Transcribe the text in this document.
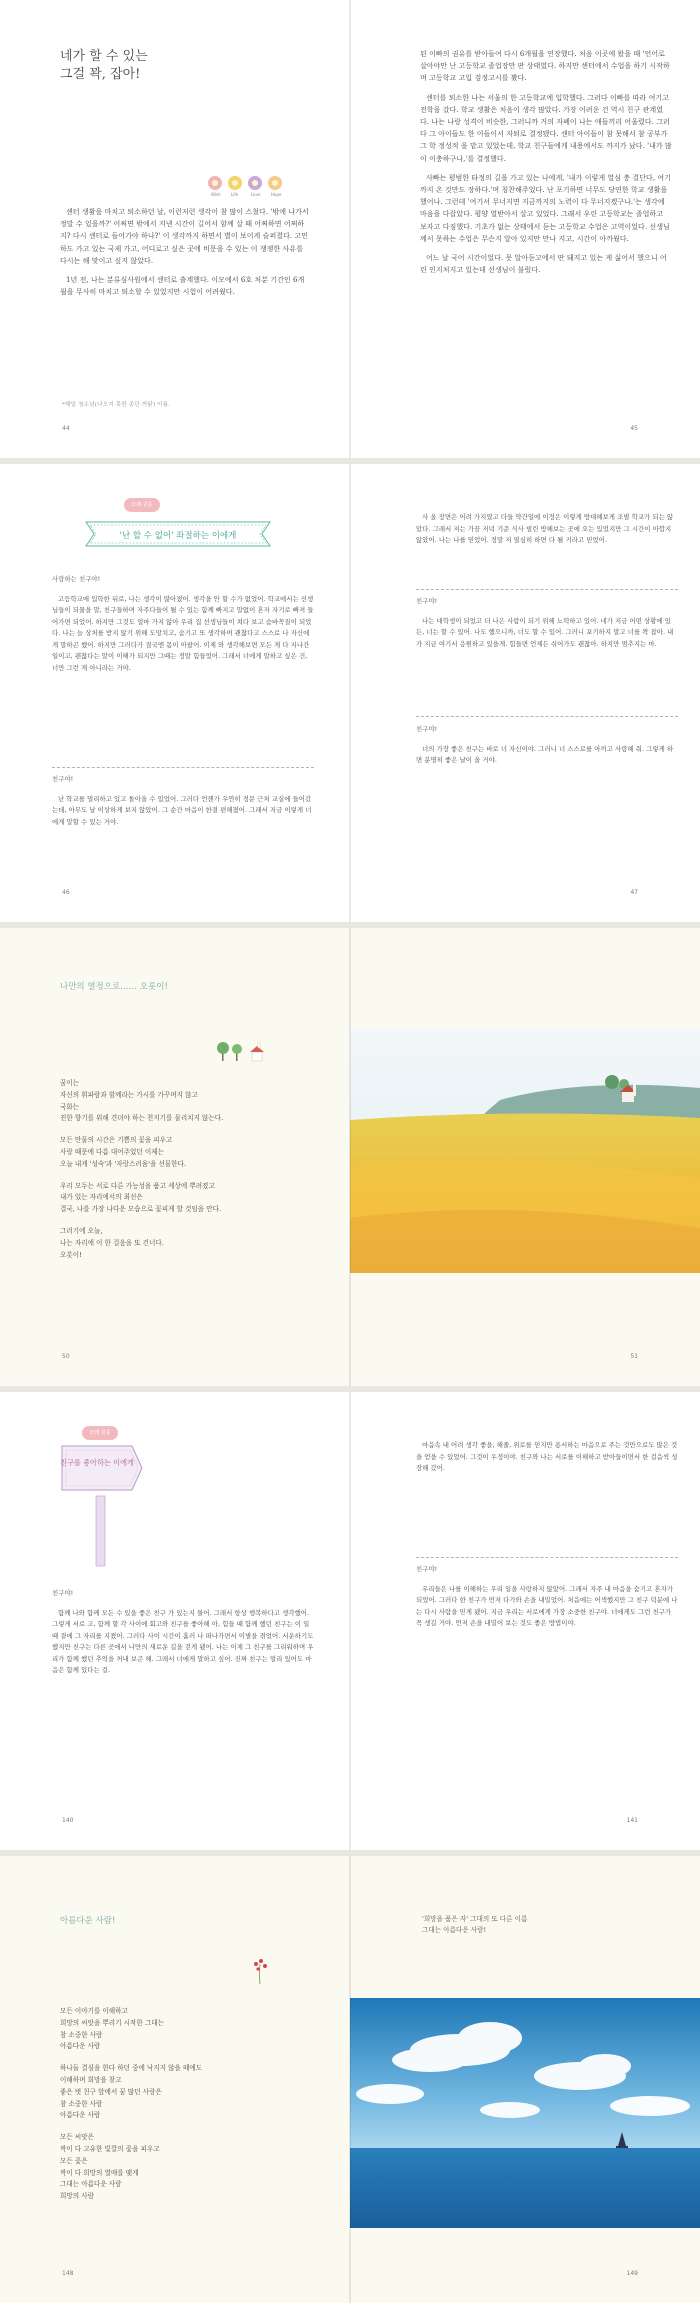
네가 할 수 있는
그걸 꽉, 잡아!
Wish	Life	Love	Hope

센터 생활을 마치고 퇴소하던 날, 이런저런 생각이 참 많이 스쳤다. '밖에 나가서 정말 수 있을까?' 어쩌면 밖에서 지낸 시간이 길어서 함께 살 때 어쩌하면 어쩌하지? 다시 센터로 들어가야 하나?' 이 생각까지 하면서 별이 보이게 슬퍼졌다. 고민하도 가고 있는 국제 가고, 어디로고 싶은 곳에 비문을 수 있는 이 쟁쟁한 사유를 다시는 해 맞이고 싶지 않았다.

1년 전, 나는 분류심사원에서 센터로 출계했다. 이모에서 6호 처분 기간인 6개월을 무사히 마치고 퇴소할 수 있었지만 시험이 어려웠다.

*해밀 청소년(나오지 못한 종단 까닭) 이름.
44

된 이빠의 권유를 받아들여 다시 6개월을 연장했다. 처음 이곳에 왔을 때 '언어로 살아야만 난 고등학교 졸업장만 딴 상태였다. 하지만 센터에서 수업을 하기 시작하며 고등학교 고입 검정고시를 봤다.

센터를 퇴소한 나는 서울의 한 고등학교에 입학했다. 그러다 이빠를 따라 여기고 전학을 갔다. 학교 생활은 처음이 생각 많았다. 가장 어려운 건 역시 친구 관계였다. 나는 나랑 성격이 비슷한, 그러니까 거의 자폐이 나는 애들끼리 어울렸다. 그러다 그 아이들도 한 이들이서 자퇴로 결정됐다. 센터 아이들이 참 못해서 참 공부가 그 학 정성적 을 맡고 있었는데, 학교 친구들에게 내용에서도 까지가 났다. '내가 많이 이충하구나,'를 결정했다.

사빠는 평범한 타정의 길을 가고 있는 나에게, '내가 이렇게 열심 충 결단다, 여기까지 온 것만도 장하다.'며 칭찬해주었다. 난 포기하면 너무도 당연한 학교 생활을 했어나. 그런데 '여기서 무너지면 지금까지의 노력이 다 무너지겠구나.'는 생각에 마음을 다잡았다. 평양 열받아서 살고 있었다. 그래서 우린 고등학교는 졸업하고 보자고 다짐했다. 기초가 없는 상태에서 듣는 고등학교 수업은 고역이었다. 선생님께서 못하는 수업은 무슨지 알아 있지만 만나 지고, 시간이 아까웠다.

어느 날 국어 시간이었다. 못 알아듣고에서 딴 돼지고 있는 게 싫어서 했으니 어린 인지처지고 있는데 선생님이 불렀다.

45
모래 원룸
'난 할 수 없어' 좌절하는 이에게

사랑하는 친구야!

고등학교에 입학한 뒤로, 나는 생각이 많아졌어. 생각을 안 할 수가 없었어. 학교에서는 선생님들이 되물을 말, 친구들하며 자주다들이 될 수 있는 함께 빠지고 말없이 혼자 자기로 빠져 들어가면 되었어. 하지만 그것도 얼마 가지 않아 우리 집 선생님들이 쳐다 보고 숨바꼭질이 되었다. 나는 늘 상처를 받지 않기 위해 도망치고, 숨기고 또 생각하며 괜찮다고 스스로 나 자신에게 말하곤 했어. 하지만 그러다가 결국엔 몸이 아팠어. 이제 와 생각해보면 모든 게 다 지나간 일이고, 괜찮다는 말이 이해가 되지만 그때는 정말 힘들었어. 그래서 너에게 말하고 싶은 건, 너만 그런 게 아니라는 거야.

친구야!

난 학교를 멀리하고 있고 돌아올 수 있었어. 그러다 언젠가 우연히 정문 근처 교실에 들어갔는데, 아무도 날 이상하게 보지 않았어. 그 순간 마음이 한결 편해졌어. 그래서 지금 이렇게 너에게 말할 수 있는 거야.

46

사 올 장면은 어려 가지였고 다들 약간일에 이정은 이렇게 방대해보게 조별 학교가 되는 않았다. 그래서 저는 가끔 저녁 기준 식사 빌린 방해보는 곳에 오는 있었지만 그 시간이 아깝지 않았어. 나는 나를 믿었어. 정말 저 열심히 하면 다 될 거라고 믿었어.

친구야!

나는 대학생이 되었고 더 나은 사람이 되기 위해 노력하고 있어. 네가 지금 어떤 상황에 있든, 너는 할 수 있어. 나도 했으니까, 너도 할 수 있어. 그러니 포기하지 말고 너를 꽉 잡아. 내가 지금 여기서 응원하고 있을게. 힘들면 언제든 쉬어가도 괜찮아. 하지만 멈추지는 마.

친구야!

너의 가장 좋은 친구는 바로 너 자신이야. 그러니 너 스스로를 아끼고 사랑해 줘. 그렇게 하면 분명히 좋은 날이 올 거야.

47
나만의 열정으로…… 오롯이!

꿈이는
자신의 휘파람과 함께라는 가시를 가꾸며지 않고
국화는
진한 향기를 위해 견뎌야 하는 천지기를 물리치지 않는다.

모든 만물의 시간은 기쁨의 꽃을 피우고
사랑 때문에 다름 대어주었던 이제는
오늘 내게 '성숙'과 '자랑스러움'을 선물한다.

우리 모두는 서로 다른 가능성을 품고 세상에 뿌려졌고
내가 있는 자리에서의 최선은
결국, 나를 가장 나다운 모습으로 꽃피게 할 것임을 안다.

그러기에 오늘,
나는 자리에 이 한 걸음을 또 건너다.
오롯이!

50	51
모래 원룸
친구를 좋아하는 이에게

친구야!

함께 나와 함께 모든 수 있을 좋은 친구 가 있는지 물어. 그래서 항상 행복하다고 생각했어. 그렇게 서로 고, 함께 할 각 사이에 회고와 친구를 좋아해 아, 힘들 때 함께 했던 친구는 이 일 때 곁에 그 자리를 지켰어. 그러다 사이 시간이 흘러 나 떠나가면서 이별을 겪었어. 서운하기도 했지만 친구는 다른 곳에서 나만의 새로운 길을 걷게 됐어. 나는 이제 그 친구를 그리워하며 우리가 함께 했던 추억을 꺼내 보곤 해. 그래서 너에게 말하고 싶어. 진짜 친구는 멀리 있어도 마음은 함께 있다는 걸.

140

마음속 내 어려 생각 좋을, 해줄, 위로를 믿지만 용서하는 마음으로 주는 것만으로도 많은 것을 얻을 수 있었어. 그것이 우정이야. 친구와 나는 서로를 이해하고 받아들이면서 한 걸음씩 성장해 갔어.

친구야!

우리들은 나를 이해하는 우리 일을 사랑하지 않았어. 그래서 자주 내 마음을 숨기고 혼자가 되었어. 그러다 한 친구가 먼저 다가와 손을 내밀었어. 처음에는 어색했지만 그 친구 덕분에 나는 다시 사람을 믿게 됐어. 지금 우리는 서로에게 가장 소중한 친구야. 너에게도 그런 친구가 꼭 생길 거야. 먼저 손을 내밀어 보는 것도 좋은 방법이야.

141
아름다운 사람!

모든 이야기를 이해하고
희망의 씨앗을 뿌리기 시작한 그대는
참 소중한 사람
아름다운 사람

하나둘 결심을 한다 하던 중에 낙지지 않을 때에도
이해하며 희망을 찾고
좋은 벗 친구 앞에서 꿈 많던 사랑은
참 소중한 사람
아름다운 사람

모든 씨앗은
싹이 다 고유한 빛깔의 꽃을 피우고
모든 꽃은
싹이 다 희망의 열매를 맺게
그대는 아름다운 사람
희망의 사람

148
'희망을 품은 자' 그대의 또 다른 이름
그대는 아름다운 사람!
149
